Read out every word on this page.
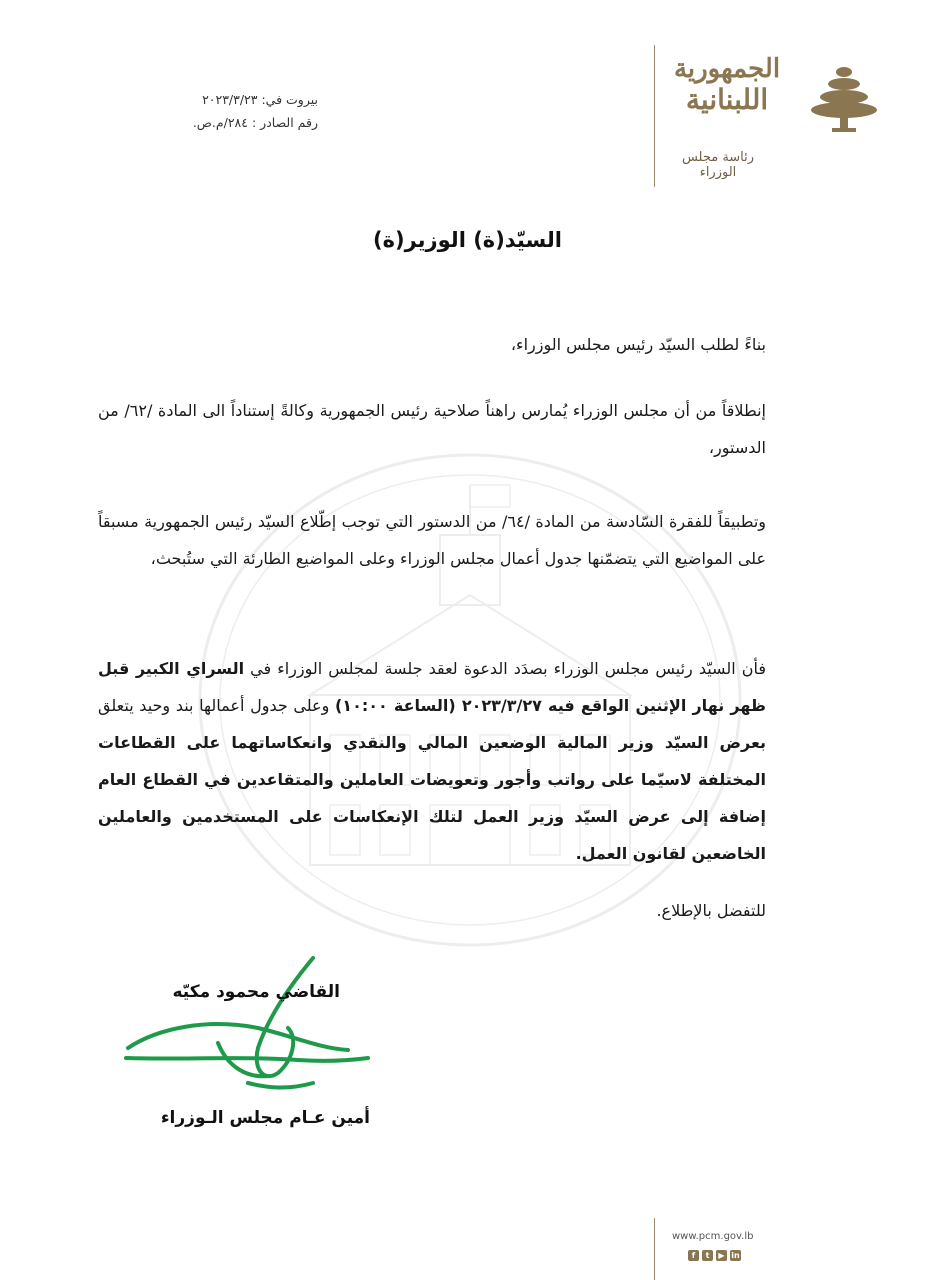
الجمهورية
اللبنانية
رئاسة مجلس الوزراء
بيروت في: ٢٠٢٣/٣/٢٣
رقم الصادر : ٢٨٤/م.ص.
السيّد(ة) الوزير(ة)
بناءً لطلب السيّد رئيس مجلس الوزراء،
إنطلاقاً من أن مجلس الوزراء يُمارس راهناً صلاحية رئيس الجمهورية وكالةً إستناداً الى المادة /٦٢/ من الدستور،
وتطبيقاً للفقرة السّادسة من المادة /٦٤/ من الدستور التي توجب إطّلاع السيّد رئيس الجمهورية مسبقاً على المواضيع التي يتضمّنها جدول أعمال مجلس الوزراء وعلى المواضيع الطارئة التي ستُبحث،
فأن السيّد رئيس مجلس الوزراء بصدَد الدعوة لعقد جلسة لمجلس الوزراء في السراي الكبير قبل ظهر نهار الإثنين الواقع فيه ٢٠٢٣/٣/٢٧ (الساعة ١٠:٠٠) وعلى جدول أعمالها بند وحيد يتعلق بعرض السيّد وزير المالية الوضعين المالي والنقدي وانعكاساتهما على القطاعات المختلفة لاسيّما على رواتب وأجور وتعويضات العاملين والمتقاعدين في القطاع العام إضافة إلى عرض السيّد وزير العمل لتلك الإنعكاسات على المستخدمين والعاملين الخاضعين لقانون العمل.
للتفضل بالإطلاع.
القاضي محمود مكيّه
أمين عـام مجلس الـوزراء
www.pcm.gov.lb
f	t	▶ in
